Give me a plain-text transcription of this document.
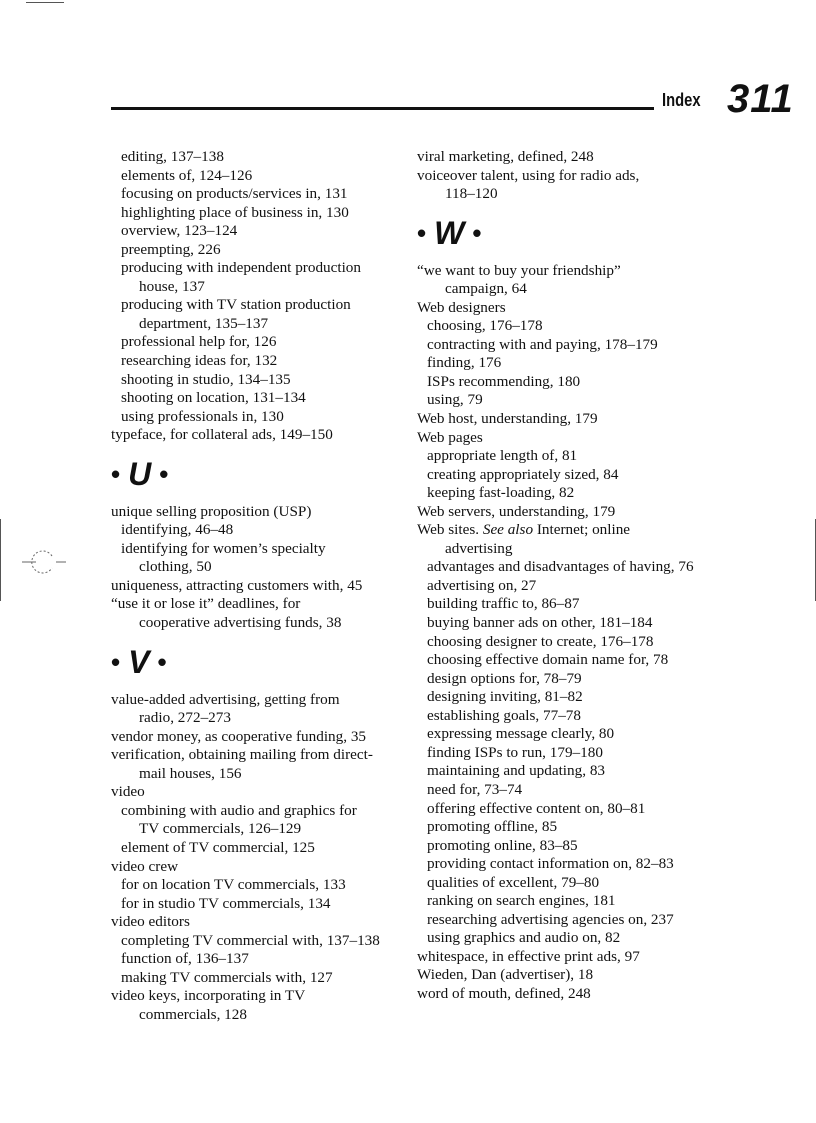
Index 311
editing, 137–138
elements of, 124–126
focusing on products/services in, 131
highlighting place of business in, 130
overview, 123–124
preempting, 226
producing with independent production
house, 137
producing with TV station production
department, 135–137
professional help for, 126
researching ideas for, 132
shooting in studio, 134–135
shooting on location, 131–134
using professionals in, 130
typeface, for collateral ads, 149–150
• U •
unique selling proposition (USP)
identifying, 46–48
identifying for women’s specialty
clothing, 50
uniqueness, attracting customers with, 45
“use it or lose it” deadlines, for
cooperative advertising funds, 38
• V •
value-added advertising, getting from
radio, 272–273
vendor money, as cooperative funding, 35
verification, obtaining mailing from direct-
mail houses, 156
video
combining with audio and graphics for
TV commercials, 126–129
element of TV commercial, 125
video crew
for on location TV commercials, 133
for in studio TV commercials, 134
video editors
completing TV commercial with, 137–138
function of, 136–137
making TV commercials with, 127
video keys, incorporating in TV
commercials, 128
viral marketing, defined, 248
voiceover talent, using for radio ads,
118–120
• W •
“we want to buy your friendship”
campaign, 64
Web designers
choosing, 176–178
contracting with and paying, 178–179
finding, 176
ISPs recommending, 180
using, 79
Web host, understanding, 179
Web pages
appropriate length of, 81
creating appropriately sized, 84
keeping fast-loading, 82
Web servers, understanding, 179
Web sites. See also Internet; online
advertising
advantages and disadvantages of having, 76
advertising on, 27
building traffic to, 86–87
buying banner ads on other, 181–184
choosing designer to create, 176–178
choosing effective domain name for, 78
design options for, 78–79
designing inviting, 81–82
establishing goals, 77–78
expressing message clearly, 80
finding ISPs to run, 179–180
maintaining and updating, 83
need for, 73–74
offering effective content on, 80–81
promoting offline, 85
promoting online, 83–85
providing contact information on, 82–83
qualities of excellent, 79–80
ranking on search engines, 181
researching advertising agencies on, 237
using graphics and audio on, 82
whitespace, in effective print ads, 97
Wieden, Dan (advertiser), 18
word of mouth, defined, 248
